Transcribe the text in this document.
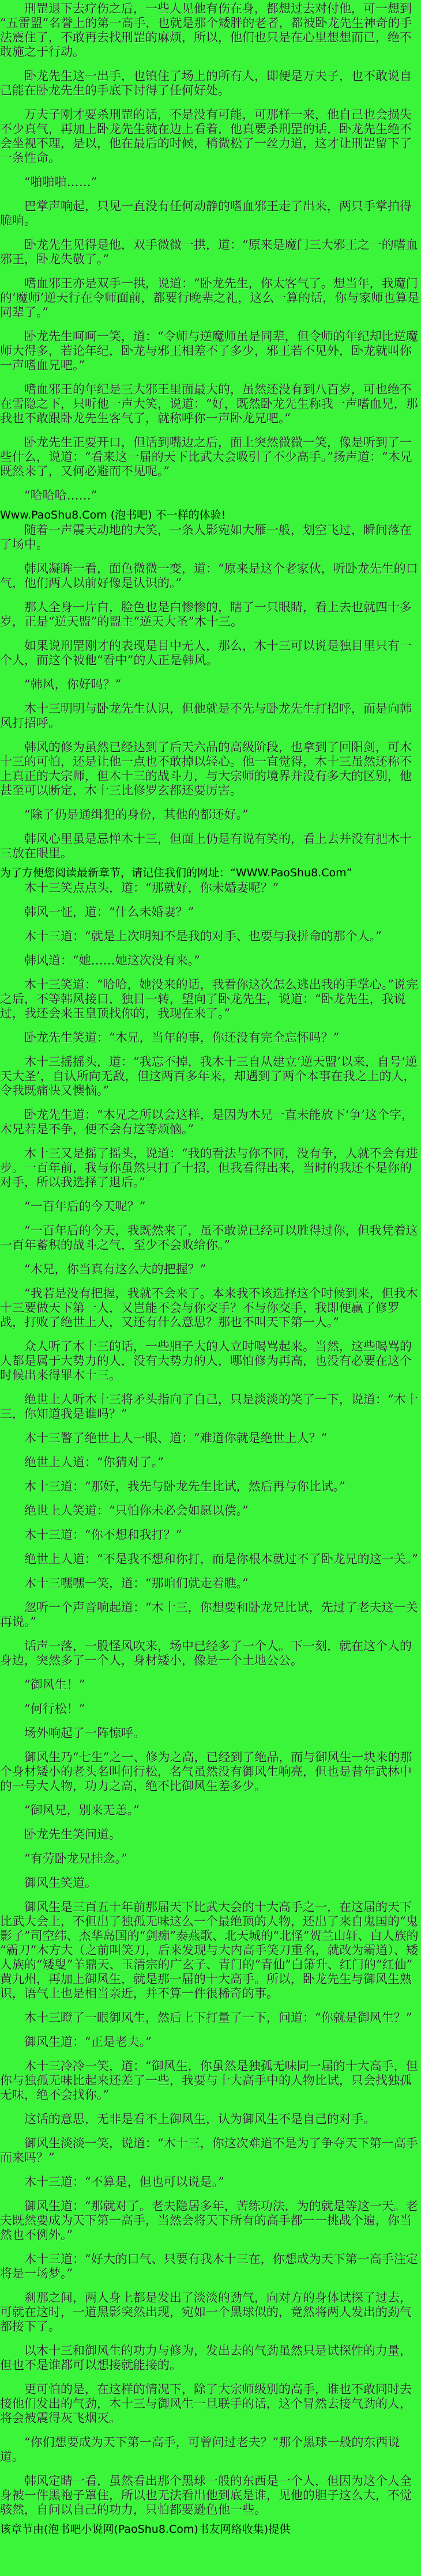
刑罡退下去疗伤之后，一些人见他有伤在身，都想过去对付他，可一想到“五雷盟”名誉上的第一高手，也就是那个矮胖的老者，都被卧龙先生神奇的手法震住了，不敢再去找刑罡的麻烦，所以，他们也只是在心里想想而已，绝不敢施之于行动。

卧龙先生这一出手，也镇住了场上的所有人，即便是万夫子，也不敢说自己能在卧龙先生的手底下讨得了任何好处。

万夫子刚才要杀刑罡的话，不是没有可能，可那样一来，他自己也会损失不少真气，再加上卧龙先生就在边上看着，他真要杀刑罡的话，卧龙先生绝不会坐视不理，是以，他在最后的时候，稍微松了一丝力道，这才让刑罡留下了一条性命。

“啪啪啪……”

巴掌声响起，只见一直没有任何动静的嗜血邪王走了出来，两只手掌拍得脆响。

卧龙先生见得是他，双手微微一拱，道：“原来是魔门三大邪王之一的嗜血邪王，卧龙失敬了。”

嗜血邪王亦是双手一拱，说道：“卧龙先生，你太客气了。想当年，我魔门的‘魔师’逆天行在令师面前，都要行晚辈之礼，这么一算的话，你与家师也算是同辈了。”

卧龙先生呵呵一笑，道：“令师与逆魔师虽是同辈，但令师的年纪却比逆魔师大得多，若论年纪，卧龙与邪王相差不了多少，邪王若不见外，卧龙就叫你一声嗜血兄吧。”

嗜血邪王的年纪是三大邪王里面最大的，虽然还没有到八百岁，可也绝不在雪隐之下，只听他一声大笑，说道：“好，既然卧龙先生称我一声嗜血兄，那我也不敢跟卧龙先生客气了，就称呼你一声卧龙兄吧。”

卧龙先生正要开口，但话到嘴边之后，面上突然微微一笑，像是听到了一些什么，说道：“看来这一届的天下比武大会吸引了不少高手。”扬声道：“木兄既然来了，又何必避而不见呢。”

“哈哈哈……”

Www.PaoShu8.Com (泡书吧) 不一样的体验!

随着一声震天动地的大笑，一条人影宛如大雁一般，划空飞过，瞬间落在了场中。

韩风凝眸一看，面色微微一变，道：“原来是这个老家伙，听卧龙先生的口气，他们两人以前好像是认识的。”

那人全身一片白，脸色也是白惨惨的，瞎了一只眼睛，看上去也就四十多岁，正是“逆天盟”的盟主“逆天大圣”木十三。

如果说刑罡刚才的表现是目中无人，那么，木十三可以说是独目里只有一个人，而这个被他“看中”的人正是韩风。

“韩风，你好吗？”

木十三明明与卧龙先生认识，但他就是不先与卧龙先生打招呼，而是向韩风打招呼。

韩风的修为虽然已经达到了后天六品的高级阶段，也拿到了回阳剑，可木十三的可怕，还是让他一点也不敢掉以轻心。他一直觉得，木十三虽然还称不上真正的大宗师，但木十三的战斗力，与大宗师的境界并没有多大的区别，他甚至可以断定，木十三比修罗玄都还要厉害。

“除了仍是通缉犯的身份，其他的都还好。”

韩风心里虽是忌惮木十三，但面上仍是有说有笑的，看上去并没有把木十三放在眼里。

为了方便您阅读最新章节，请记住我们的网址：“WWW.PaoShu8.Com”

木十三笑点点头，道：“那就好，你未婚妻呢？”

韩风一怔，道：“什么未婚妻？”

木十三道：“就是上次明知不是我的对手、也要与我拼命的那个人。”

韩风道：“她……她这次没有来。”

木十三笑道：“哈哈，她没来的话，我看你这次怎么逃出我的手掌心。”说完之后，不等韩风接口，独目一转，望向了卧龙先生，说道：“卧龙先生，我说过，我还会来玉皇顶找你的，我现在来了。”

卧龙先生笑道：“木兄，当年的事，你还没有完全忘怀吗？”

木十三摇摇头，道：“我忘不掉，我木十三自从建立‘逆天盟’以来，自号‘逆天大圣’，自认所向无敌，但这两百多年来，却遇到了两个本事在我之上的人，令我既痛快又懊恼。”

卧龙先生道：“木兄之所以会这样，是因为木兄一直未能放下‘争’这个字，木兄若是不争，便不会有这等烦恼。”

木十三又是摇了摇头，说道：“我的看法与你不同，没有争，人就不会有进步。一百年前，我与你虽然只打了十招，但我看得出来，当时的我还不是你的对手，所以我选择了退后。”

“一百年后的今天呢？”

“一百年后的今天，我既然来了，虽不敢说已经可以胜得过你，但我凭着这一百年蓄积的战斗之气，至少不会败给你。”

“木兄，你当真有这么大的把握？”

“我若是没有把握，我就不会来了。本来我不该选择这个时候到来，但我木十三要做天下第一人，又岂能不会与你交手？不与你交手，我即便赢了修罗战，打败了绝世上人，又还有什么意思？那也不叫天下第一人。”

众人听了木十三的话，一些胆子大的人立时喝骂起来。当然，这些喝骂的人都是属于大势力的人，没有大势力的人，哪怕修为再高，也没有必要在这个时候出来得罪木十三。

绝世上人听木十三将矛头指向了自己，只是淡淡的笑了一下，说道：“木十三，你知道我是谁吗？”

木十三瞥了绝世上人一眼、道：“难道你就是绝世上人？”

绝世上人道：“你猜对了。”

木十三道：“那好，我先与卧龙先生比试，然后再与你比试。”

绝世上人笑道：“只怕你未必会如愿以偿。”

木十三道：“你不想和我打？”

绝世上人道：“不是我不想和你打，而是你根本就过不了卧龙兄的这一关。”

木十三嘿嘿一笑，道：“那咱们就走着瞧。”

忽听一个声音响起道：“木十三，你想要和卧龙兄比试，先过了老夫这一关再说。”

话声一落，一股怪风吹来，场中已经多了一个人。下一刻，就在这个人的身边，突然多了一个人，身材矮小，像是一个土地公公。

“御风生！”

“何行松！”

场外响起了一阵惊呼。

御风生乃“七生”之一、修为之高，已经到了绝品，而与御风生一块来的那个身材矮小的老头名叫何行松，名气虽然没有御风生响亮，但也是昔年武林中的一号大人物，功力之高，绝不比御风生差多少。

“御风兄，别来无恙。”

卧龙先生笑问道。

“有劳卧龙兄挂念。”

御风生笑道。

御风生是三百五十年前那届天下比武大会的十大高手之一，在这届的天下比武大会上，不但出了独孤无味这么一个最绝顶的人物，还出了来自鬼国的“鬼影子”司空纬、杰华岛国的“剑痴”泰燕歌、北天城的“北怪”贺兰山轩、白人族的“霸刀”木方大（之前叫笑刀，后来发现与大内高手笑刀重名，就改为霸道）、矮人族的“矮叟”羊鼎天、玉清宗的广玄子、青门的“青仙”白箫升、红门的“红仙”黄九州，再加上御风生，就是那一届的十大高手。所以，卧龙先生与御风生熟识，语气上也是相当亲近，并不算一件很稀奇的事。

木十三瞪了一眼御风生，然后上下打量了一下，问道：“你就是御风生？”

御风生道：“正是老夫。”

木十三冷冷一笑，道：“御风生，你虽然是独孤无味同一届的十大高手，但你与独孤无味比起来还差了一些，我要与十大高手中的人物比试，只会找独孤无味，绝不会找你。”

这话的意思，无非是看不上御风生，认为御风生不是自己的对手。

御风生淡淡一笑，说道：“木十三，你这次难道不是为了争夺天下第一高手而来吗？”

木十三道：“不算是，但也可以说是。”

御风生道：“那就对了。老夫隐居多年，苦练功法，为的就是等这一天。老夫既然要成为天下第一高手，当然会将天下所有的高手都一一挑战个遍，你当然也不例外。”

木十三道：“好大的口气、只要有我木十三在，你想成为天下第一高手注定将是一场梦。”

刹那之间，两人身上都是发出了淡淡的劲气，向对方的身体试探了过去，可就在这时，一道黑影突然出现，宛如一个黑球似的，竟然将两人发出的劲气都接下了。

以木十三和御风生的功力与修为，发出去的气劲虽然只是试探性的力量，但也不是谁都可以想接就能接的。

更可怕的是，在这样的情况下，除了大宗师级别的高手，谁也不敢同时去接他们发出的气劲，木十三与御风生一旦联手的话，这个冒然去接气劲的人，将会被震得灰飞烟灭。

“你们想要成为天下第一高手，可曾问过老夫？”那个黑球一般的东西说道。

韩风定睛一看，虽然看出那个黑球一般的东西是一个人，但因为这个人全身被一件黑袍子罩住，所以也无法看出他到底是谁，见他的胆子这么大，不觉骇然，自问以自己的功力，只怕都要逊色他一些。

该章节由(泡书吧小说网(PaoShu8.Com)书友网络收集)提供
